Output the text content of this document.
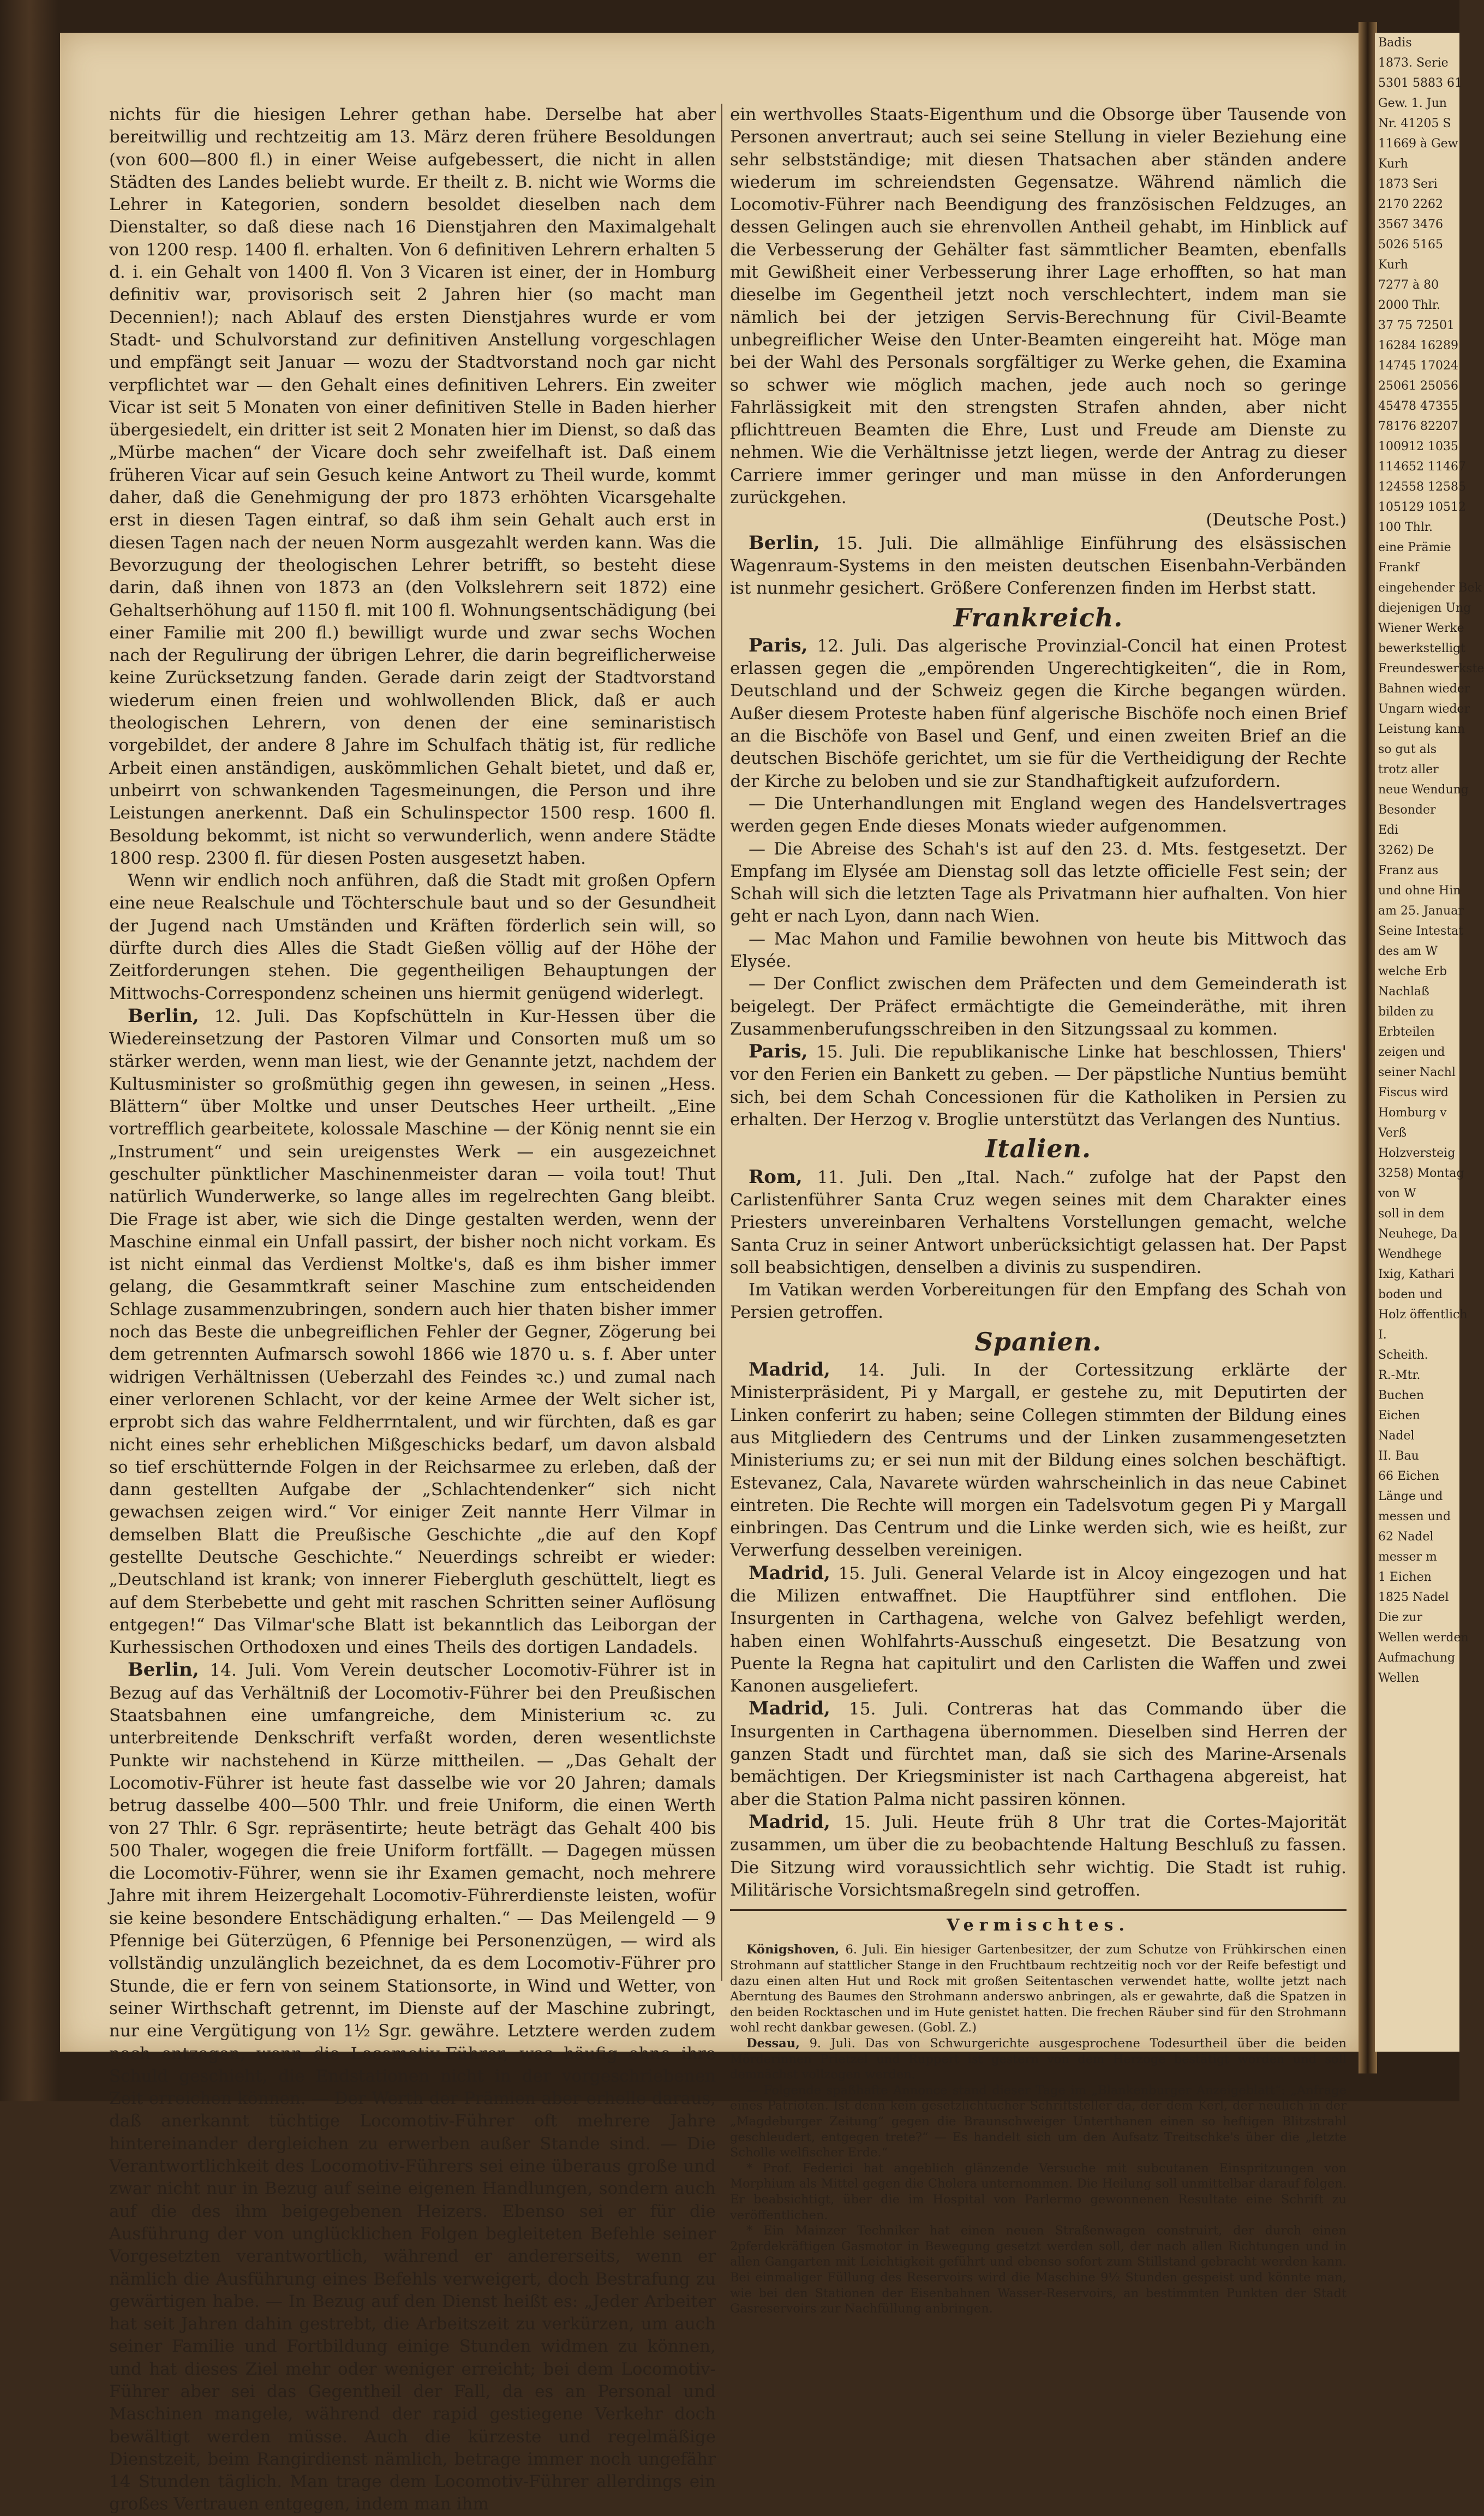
nichts für die hiesigen Lehrer gethan habe. Derselbe hat aber bereitwillig und rechtzeitig am 13. März deren frühere Besoldungen (von 600—800 fl.) in einer Weise aufgebessert, die nicht in allen Städten des Landes beliebt wurde. Er theilt z. B. nicht wie Worms die Lehrer in Kategorien, sondern besoldet dieselben nach dem Dienstalter, so daß diese nach 16 Dienstjahren den Maximalgehalt von 1200 resp. 1400 fl. erhalten. Von 6 definitiven Lehrern erhalten 5 d. i. ein Gehalt von 1400 fl. Von 3 Vicaren ist einer, der in Homburg definitiv war, provisorisch seit 2 Jahren hier (so macht man Decennien!); nach Ablauf des ersten Dienstjahres wurde er vom Stadt- und Schulvorstand zur definitiven Anstellung vorgeschlagen und empfängt seit Januar — wozu der Stadtvorstand noch gar nicht verpflichtet war — den Gehalt eines definitiven Lehrers. Ein zweiter Vicar ist seit 5 Monaten von einer definitiven Stelle in Baden hierher übergesiedelt, ein dritter ist seit 2 Monaten hier im Dienst, so daß das „Mürbe machen“ der Vicare doch sehr zweifelhaft ist. Daß einem früheren Vicar auf sein Gesuch keine Antwort zu Theil wurde, kommt daher, daß die Genehmigung der pro 1873 erhöhten Vicarsgehalte erst in diesen Tagen eintraf, so daß ihm sein Gehalt auch erst in diesen Tagen nach der neuen Norm ausgezahlt werden kann. Was die Bevorzugung der theologischen Lehrer betrifft, so besteht diese darin, daß ihnen von 1873 an (den Volkslehrern seit 1872) eine Gehaltserhöhung auf 1150 fl. mit 100 fl. Wohnungsentschädigung (bei einer Familie mit 200 fl.) bewilligt wurde und zwar sechs Wochen nach der Regulirung der übrigen Lehrer, die darin begreiflicherweise keine Zurücksetzung fanden. Gerade darin zeigt der Stadtvorstand wiederum einen freien und wohlwollenden Blick, daß er auch theologischen Lehrern, von denen der eine seminaristisch vorgebildet, der andere 8 Jahre im Schulfach thätig ist, für redliche Arbeit einen anständigen, auskömmlichen Gehalt bietet, und daß er, unbeirrt von schwankenden Tagesmeinungen, die Person und ihre Leistungen anerkennt. Daß ein Schulinspector 1500 resp. 1600 fl. Besoldung bekommt, ist nicht so verwunderlich, wenn andere Städte 1800 resp. 2300 fl. für diesen Posten ausgesetzt haben.

Wenn wir endlich noch anführen, daß die Stadt mit großen Opfern eine neue Realschule und Töchterschule baut und so der Gesundheit der Jugend nach Umständen und Kräften förderlich sein will, so dürfte durch dies Alles die Stadt Gießen völlig auf der Höhe der Zeitforderungen stehen. Die gegentheiligen Behauptungen der Mittwochs-Correspondenz scheinen uns hiermit genügend widerlegt.

Berlin, 12. Juli. Das Kopfschütteln in Kur-Hessen über die Wiedereinsetzung der Pastoren Vilmar und Consorten muß um so stärker werden, wenn man liest, wie der Genannte jetzt, nachdem der Kultusminister so großmüthig gegen ihn gewesen, in seinen „Hess. Blättern“ über Moltke und unser Deutsches Heer urtheilt. „Eine vortrefflich gearbeitete, kolossale Maschine — der König nennt sie ein „Instrument“ und sein ureigenstes Werk — ein ausgezeichnet geschulter pünktlicher Maschinenmeister daran — voila tout! Thut natürlich Wunderwerke, so lange alles im regelrechten Gang bleibt. Die Frage ist aber, wie sich die Dinge gestalten werden, wenn der Maschine einmal ein Unfall passirt, der bisher noch nicht vorkam. Es ist nicht einmal das Verdienst Moltke's, daß es ihm bisher immer gelang, die Gesammtkraft seiner Maschine zum entscheidenden Schlage zusammenzubringen, sondern auch hier thaten bisher immer noch das Beste die unbegreiflichen Fehler der Gegner, Zögerung bei dem getrennten Aufmarsch sowohl 1866 wie 1870 u. s. f. Aber unter widrigen Verhältnissen (Ueberzahl des Feindes ꝛc.) und zumal nach einer verlorenen Schlacht, vor der keine Armee der Welt sicher ist, erprobt sich das wahre Feldherrntalent, und wir fürchten, daß es gar nicht eines sehr erheblichen Mißgeschicks bedarf, um davon alsbald so tief erschütternde Folgen in der Reichsarmee zu erleben, daß der dann gestellten Aufgabe der „Schlachtendenker“ sich nicht gewachsen zeigen wird.“ Vor einiger Zeit nannte Herr Vilmar in demselben Blatt die Preußische Geschichte „die auf den Kopf gestellte Deutsche Geschichte.“ Neuerdings schreibt er wieder: „Deutschland ist krank; von innerer Fiebergluth geschüttelt, liegt es auf dem Sterbebette und geht mit raschen Schritten seiner Auflösung entgegen!“ Das Vilmar'sche Blatt ist bekanntlich das Leiborgan der Kurhessischen Orthodoxen und eines Theils des dortigen Landadels.

Berlin, 14. Juli. Vom Verein deutscher Locomotiv-Führer ist in Bezug auf das Verhältniß der Locomotiv-Führer bei den Preußischen Staatsbahnen eine umfangreiche, dem Ministerium ꝛc. zu unterbreitende Denkschrift verfaßt worden, deren wesentlichste Punkte wir nachstehend in Kürze mittheilen. — „Das Gehalt der Locomotiv-Führer ist heute fast dasselbe wie vor 20 Jahren; damals betrug dasselbe 400—500 Thlr. und freie Uniform, die einen Werth von 27 Thlr. 6 Sgr. repräsentirte; heute beträgt das Gehalt 400 bis 500 Thaler, wogegen die freie Uniform fortfällt. — Dagegen müssen die Locomotiv-Führer, wenn sie ihr Examen gemacht, noch mehrere Jahre mit ihrem Heizergehalt Locomotiv-Führerdienste leisten, wofür sie keine besondere Entschädigung erhalten.“ — Das Meilengeld — 9 Pfennige bei Güterzügen, 6 Pfennige bei Personenzügen, — wird als vollständig unzulänglich bezeichnet, da es dem Locomotiv-Führer pro Stunde, die er fern von seinem Stationsorte, in Wind und Wetter, von seiner Wirthschaft getrennt, im Dienste auf der Maschine zubringt, nur eine Vergütigung von 1½ Sgr. gewähre. Letztere werden zudem noch entzogen, wenn die Locomotiv-Führer, was häufig ohne ihre Schuld geschieht, die Endstationen nicht in der vorgeschriebenen Zeit erreichen können. — Der Werth der Prämien aber erhelle daraus, daß anerkannt tüchtige Locomotiv-Führer oft mehrere Jahre hintereinander dergleichen zu erwerben außer Stande sind. — Die Verantwortlichkeit des Locomotiv-Führers sei eine überaus große und zwar nicht nur in Bezug auf seine eigenen Handlungen, sondern auch auf die des ihm beigegebenen Heizers. Ebenso sei er für die Ausführung der von unglücklichen Folgen begleiteten Befehle seiner Vorgesetzten verantwortlich, während er andererseits, wenn er nämlich die Ausführung eines Befehls verweigert, doch Bestrafung zu gewärtigen habe. — In Bezug auf den Dienst heißt es: „Jeder Arbeiter hat seit Jahren dahin gestrebt, die Arbeitszeit zu verkürzen, um auch seiner Familie und Fortbildung einige Stunden widmen zu können, und hat dieses Ziel mehr oder weniger erreicht; bei dem Locomotiv-Führer aber sei das Gegentheil der Fall, da es an Personal und Maschinen mangele, während der rapid gestiegene Verkehr doch bewältigt werden müsse. Auch die kürzeste und regelmäßige Dienstzeit, beim Rangirdienst nämlich, betrage immer noch ungefähr 14 Stunden täglich. Man trage dem Locomotiv-Führer allerdings ein großes Vertrauen entgegen, indem man ihm

ein werthvolles Staats-Eigenthum und die Obsorge über Tausende von Personen anvertraut; auch sei seine Stellung in vieler Beziehung eine sehr selbstständige; mit diesen Thatsachen aber ständen andere wiederum im schreiendsten Gegensatze. Während nämlich die Locomotiv-Führer nach Beendigung des französischen Feldzuges, an dessen Gelingen auch sie ehrenvollen Antheil gehabt, im Hinblick auf die Verbesserung der Gehälter fast sämmtlicher Beamten, ebenfalls mit Gewißheit einer Verbesserung ihrer Lage erhofften, so hat man dieselbe im Gegentheil jetzt noch verschlechtert, indem man sie nämlich bei der jetzigen Servis-Berechnung für Civil-Beamte unbegreiflicher Weise den Unter-Beamten eingereiht hat. Möge man bei der Wahl des Personals sorgfältiger zu Werke gehen, die Examina so schwer wie möglich machen, jede auch noch so geringe Fahrlässigkeit mit den strengsten Strafen ahnden, aber nicht pflichttreuen Beamten die Ehre, Lust und Freude am Dienste zu nehmen. Wie die Verhältnisse jetzt liegen, werde der Antrag zu dieser Carriere immer geringer und man müsse in den Anforderungen zurückgehen.

(Deutsche Post.)

Berlin, 15. Juli. Die allmählige Einführung des elsässischen Wagenraum-Systems in den meisten deutschen Eisenbahn-Verbänden ist nunmehr gesichert. Größere Conferenzen finden im Herbst statt.

Frankreich.

Paris, 12. Juli. Das algerische Provinzial-Concil hat einen Protest erlassen gegen die „empörenden Ungerechtigkeiten“, die in Rom, Deutschland und der Schweiz gegen die Kirche begangen würden. Außer diesem Proteste haben fünf algerische Bischöfe noch einen Brief an die Bischöfe von Basel und Genf, und einen zweiten Brief an die deutschen Bischöfe gerichtet, um sie für die Vertheidigung der Rechte der Kirche zu beloben und sie zur Standhaftigkeit aufzufordern.

— Die Unterhandlungen mit England wegen des Handelsvertrages werden gegen Ende dieses Monats wieder aufgenommen.

— Die Abreise des Schah's ist auf den 23. d. Mts. festgesetzt. Der Empfang im Elysée am Dienstag soll das letzte officielle Fest sein; der Schah will sich die letzten Tage als Privatmann hier aufhalten. Von hier geht er nach Lyon, dann nach Wien.

— Mac Mahon und Familie bewohnen von heute bis Mittwoch das Elysée.

— Der Conflict zwischen dem Präfecten und dem Gemeinderath ist beigelegt. Der Präfect ermächtigte die Gemeinderäthe, mit ihren Zusammenberufungsschreiben in den Sitzungssaal zu kommen.

Paris, 15. Juli. Die republikanische Linke hat beschlossen, Thiers' vor den Ferien ein Bankett zu geben. — Der päpstliche Nuntius bemüht sich, bei dem Schah Concessionen für die Katholiken in Persien zu erhalten. Der Herzog v. Broglie unterstützt das Verlangen des Nuntius.

Italien.

Rom, 11. Juli. Den „Ital. Nach.“ zufolge hat der Papst den Carlistenführer Santa Cruz wegen seines mit dem Charakter eines Priesters unvereinbaren Verhaltens Vorstellungen gemacht, welche Santa Cruz in seiner Antwort unberücksichtigt gelassen hat. Der Papst soll beabsichtigen, denselben a divinis zu suspendiren.

Im Vatikan werden Vorbereitungen für den Empfang des Schah von Persien getroffen.

Spanien.

Madrid, 14. Juli. In der Cortessitzung erklärte der Ministerpräsident, Pi y Margall, er gestehe zu, mit Deputirten der Linken conferirt zu haben; seine Collegen stimmten der Bildung eines aus Mitgliedern des Centrums und der Linken zusammengesetzten Ministeriums zu; er sei nun mit der Bildung eines solchen beschäftigt. Estevanez, Cala, Navarete würden wahrscheinlich in das neue Cabinet eintreten. Die Rechte will morgen ein Tadelsvotum gegen Pi y Margall einbringen. Das Centrum und die Linke werden sich, wie es heißt, zur Verwerfung desselben vereinigen.

Madrid, 15. Juli. General Velarde ist in Alcoy eingezogen und hat die Milizen entwaffnet. Die Hauptführer sind entflohen. Die Insurgenten in Carthagena, welche von Galvez befehligt werden, haben einen Wohlfahrts-Ausschuß eingesetzt. Die Besatzung von Puente la Regna hat capitulirt und den Carlisten die Waffen und zwei Kanonen ausgeliefert.

Madrid, 15. Juli. Contreras hat das Commando über die Insurgenten in Carthagena übernommen. Dieselben sind Herren der ganzen Stadt und fürchtet man, daß sie sich des Marine-Arsenals bemächtigen. Der Kriegsminister ist nach Carthagena abgereist, hat aber die Station Palma nicht passiren können.

Madrid, 15. Juli. Heute früh 8 Uhr trat die Cortes-Majorität zusammen, um über die zu beobachtende Haltung Beschluß zu fassen. Die Sitzung wird voraussichtlich sehr wichtig. Die Stadt ist ruhig. Militärische Vorsichtsmaßregeln sind getroffen.

Vermischtes.

Königshoven, 6. Juli. Ein hiesiger Gartenbesitzer, der zum Schutze von Frühkirschen einen Strohmann auf stattlicher Stange in den Fruchtbaum rechtzeitig noch vor der Reife befestigt und dazu einen alten Hut und Rock mit großen Seitentaschen verwendet hatte, wollte jetzt nach Aberntung des Baumes den Strohmann anderswo anbringen, als er gewahrte, daß die Spatzen in den beiden Rocktaschen und im Hute genistet hatten. Die frechen Räuber sind für den Strohmann wohl recht dankbar gewesen. (Gobl. Z.)

Dessau, 9. Juli. Das von Schwurgerichte ausgesprochene Todesurtheil über die beiden Mörderinnen Prietzel und Ruppert ist gestern von dem Herzoge bestätigt worden und soll demnächst vollzogen werden.

— Folgende spaßhafte Annonce stand dieser Tage im „Blankenburger Anzeigeblatt“: „Anfrage eines Patrioten. Ist denn kein gesetzlichtücher Schriftsteller da, der dem Kerl, der neulich in der „Magdeburger Zeitung“ gegen die Braunschweiger Unterthanen einen so heftigen Blitzstrahl geschleudert, entgegen trete?“ — Es handelt sich um den Aufsatz Treitschke's über die „letzte Scholle welfischer Erde.“

* Prof. Federici hat angeblich glänzende Versuche mit subcutanen Einspritzungen von Morphium als Mittel gegen die Cholera unternommen. Die Heilung soll unmittelbar darauf folgen. Er beabsichtigt, über die im Hospital von Parlermo gewonnenen Resultate eine Schrift zu veröffentlichen.

* Ein Mainzer Techniker hat einen neuen Straßenwagen construirt, der durch einen 2pferdekräftigen Gasmotor in Bewegung gesetzt werden soll, der nach allen Richtungen und in allen Gangarten mit Leichtigkeit geführt und ebenso sofort zum Stillstand gebracht werden kann. Bei einmaliger Füllung des Reservoirs wird die Maschine 9½ Stunden gespeist und könnte man, wie bei den Stationen der Eisenbahnen Wasser-Reservoirs, an bestimmten Punkten der Stadt Gasreservoirs zur Nachfüllung anbringen.

Badis
1873. Serie
5301 5883 61
Gew. 1. Jun
Nr. 41205 S
11669 à Gew
Kurh
1873 Seri
2170 2262
3567 3476
5026 5165
Kurh
7277 à 80
2000 Thlr.
37 75 72501
16284 16289
14745 17024
25061 25056
45478 47355
78176 82207
100912 1035
114652 11467
124558 12585
105129 10512
100 Thlr.
eine Prämie
Frankf
eingehender Bek
diejenigen Ung
Wiener Werke
bewerkstelligt
Freundeswerkste
Bahnen wieder
Ungarn wieder
Leistung kann
so gut als
trotz aller
neue Wendung
Besonder
Edi
3262) De
Franz aus
und ohne Hin
am 25. Januar
Seine Intestat
des am W
welche Erb
Nachlaß
bilden zu
Erbteilen
zeigen und
seiner Nachl
Fiscus wird
Homburg v
Verß
Holzversteig
3258) Montag
von W
soll in dem
Neuhege, Da
Wendhege
Ixig, Kathari
boden und
Holz öffentlich
I.
Scheith.
R.-Mtr.
Buchen
Eichen
Nadel
II. Bau
66 Eichen
Länge und
messen und
62 Nadel
messer m
1 Eichen
1825 Nadel
Die zur
Wellen werden
Aufmachung
Wellen
